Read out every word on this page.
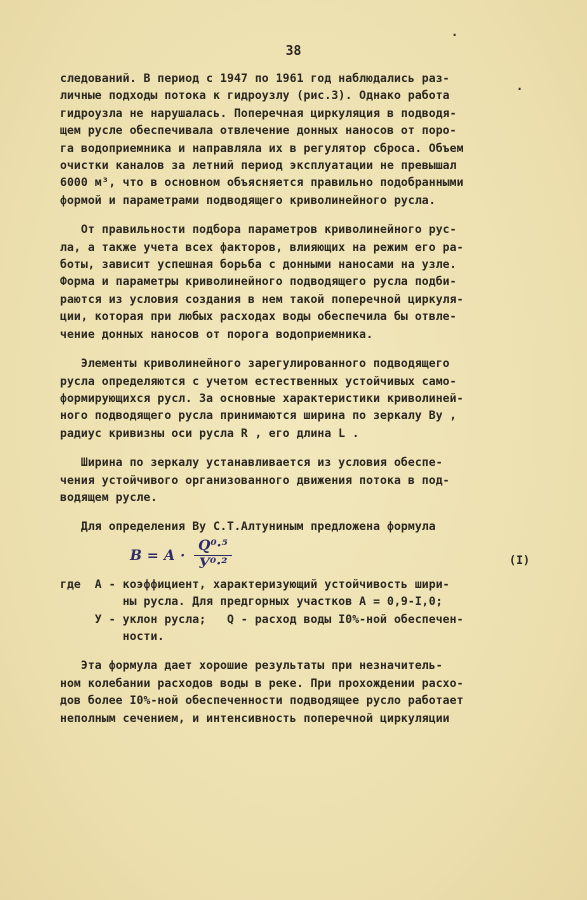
38
·
·
следований. В период с 1947 по 1961 год наблюдались раз-
личные подходы потока к гидроузлу (рис.3). Однако работа
гидроузла не нарушалась. Поперечная циркуляция в подводя-
щем русле обеспечивала отвлечение донных наносов от поро-
га водоприемника и направляла их в регулятор сброса. Объем
очистки каналов за летний период эксплуатации не превышал
6000 м³, что в основном объясняется правильно подобранными
формой и параметрами подводящего криволинейного русла.
От правильности подбора параметров криволинейного рус-
ла, а также учета всех факторов, влияющих на режим его ра-
боты, зависит успешная борьба с донными наносами на узле.
Форма и параметры криволинейного подводящего русла подби-
раются из условия создания в нем такой поперечной циркуля-
ции, которая при любых расходах воды обеспечила бы отвле-
чение донных наносов от порога водоприемника.
Элементы криволинейного зарегулированного подводящего
русла определяются с учетом естественных устойчивых само-
формирующихся русл. За основные характеристики криволиней-
ного подводящего русла принимаются ширина по зеркалу Ву ,
радиус кривизны оси русла R , его длина L .
Ширина по зеркалу устанавливается из условия обеспе-
чения устойчивого организованного движения потока в под-
водящем русле.
Для определения Ву С.Т.Алтуниным предложена формула
$В = А \cdot \frac{\text{Q⁰·⁵}}{\text{У⁰·²}}$	(I)
где  А - коэффициент, характеризующий устойчивость шири-
ны русла. Для предгорных участков А = 0,9-I,0;
У - уклон русла;   Q - расход воды I0%-ной обеспечен-
ности.
Эта формула дает хорошие результаты при незначитель-
ном колебании расходов воды в реке. При прохождении расхо-
дов более I0%-ной обеспеченности подводящее русло работает
неполным сечением, и интенсивность поперечной циркуляции
